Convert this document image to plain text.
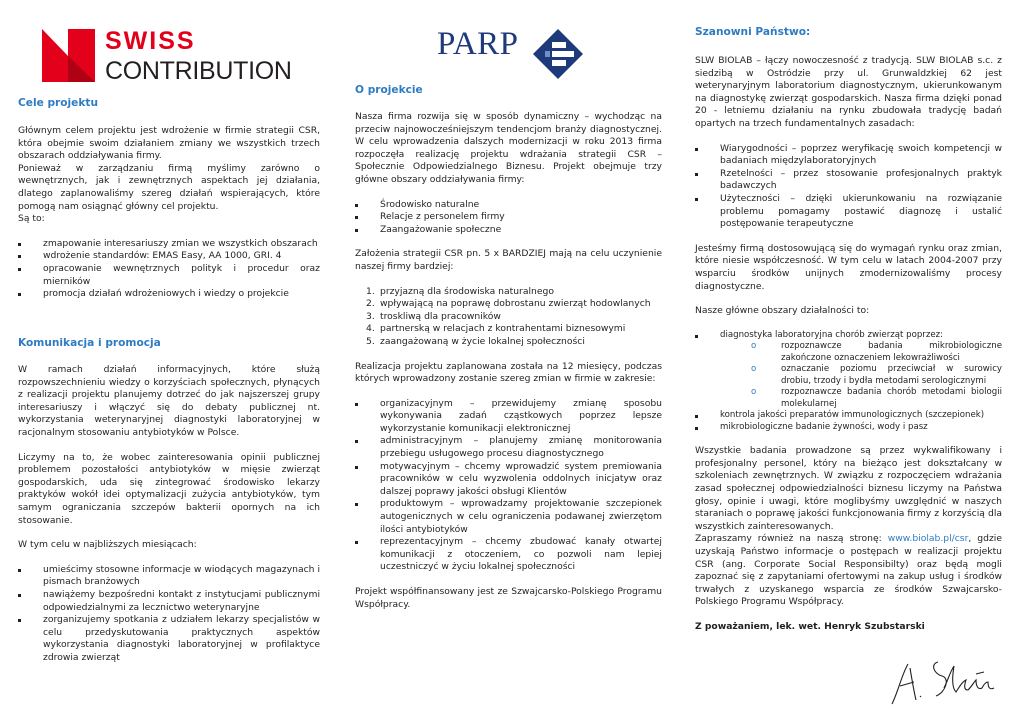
SWISS
CONTRIBUTION
PARP
Cele projektu

Głównym celem projektu jest wdrożenie w firmie strategii CSR, która obejmie swoim działaniem zmiany we wszystkich trzech obszarach oddziaływania firmy.

Ponieważ w zarządzaniu firmą myślimy zarówno o wewnętrznych, jak i zewnętrznych aspektach jej działania, dlatego zaplanowaliśmy szereg działań wspierających, które pomogą nam osiągnąć główny cel projektu.

Są to:

zmapowanie interesariuszy zmian we wszystkich obszarach
wdrożenie standardów: EMAS Easy, AA 1000, GRI. 4
opracowanie wewnętrznych polityk i procedur oraz mierników
promocja działań wdrożeniowych i wiedzy o projekcie
Komunikacja i promocja

W ramach działań informacyjnych, które służą rozpowszechnieniu wiedzy o korzyściach społecznych, płynących z realizacji projektu planujemy dotrzeć do jak najszerszej grupy interesariuszy i włączyć się do debaty publicznej nt. wykorzystania weterynaryjnej diagnostyki laboratoryjnej w racjonalnym stosowaniu antybiotyków w Polsce.

Liczymy na to, że wobec zainteresowania opinii publicznej problemem pozostałości antybiotyków w mięsie zwierząt gospodarskich, uda się zintegrować środowisko lekarzy praktyków wokół idei optymalizacji zużycia antybiotyków, tym samym ograniczania szczepów bakterii opornych na ich stosowanie.

W tym celu w najbliższych miesiącach:

umieścimy stosowne informacje w wiodących magazynach i pismach branżowych
nawiążemy bezpośredni kontakt z instytucjami publicznymi odpowiedzialnymi za lecznictwo weterynaryjne
zorganizujemy spotkania z udziałem lekarzy specjalistów w celu przedyskutowania praktycznych aspektów wykorzystania diagnostyki laboratoryjnej w profilaktyce zdrowia zwierząt
O projekcie

Nasza firma rozwija się w sposób dynamiczny – wychodząc na przeciw najnowocześniejszym tendencjom branży diagnostycznej. W celu wprowadzenia dalszych modernizacji w roku 2013 firma rozpoczęła realizację projektu wdrażania strategii CSR – Społecznie Odpowiedzialnego Biznesu. Projekt obejmuje trzy główne obszary oddziaływania firmy:

Środowisko naturalne
Relacje z personelem firmy
Zaangażowanie społeczne

Założenia strategii CSR pn. 5 x BARDZIEJ mają na celu uczynienie naszej firmy bardziej:

1. przyjazną dla środowiska naturalnego
2. wpływającą na poprawę dobrostanu zwierząt hodowlanych
3. troskliwą dla pracowników
4. partnerską w relacjach z kontrahentami biznesowymi
5. zaangażowaną w życie lokalnej społeczności

Realizacja projektu zaplanowana została na 12 miesięcy, podczas których wprowadzony zostanie szereg zmian w firmie w zakresie:

organizacyjnym – przewidujemy zmianę sposobu wykonywania zadań cząstkowych poprzez lepsze wykorzystanie komunikacji elektronicznej
administracyjnym – planujemy zmianę monitorowania przebiegu usługowego procesu diagnostycznego
motywacyjnym – chcemy wprowadzić system premiowania pracowników w celu wyzwolenia oddolnych inicjatyw oraz dalszej poprawy jakości obsługi Klientów
produktowym – wprowadzamy projektowanie szczepionek autogenicznych w celu ograniczenia podawanej zwierzętom ilości antybiotyków
reprezentacyjnym – chcemy zbudować kanały otwartej komunikacji z otoczeniem, co pozwoli nam lepiej uczestniczyć w życiu lokalnej społeczności

Projekt współfinansowany jest ze Szwajcarsko-Polskiego Programu Współpracy.

Szanowni Państwo:

SLW BIOLAB – łączy nowoczesność z tradycją. SLW BIOLAB s.c. z siedzibą w Ostródzie przy ul. Grunwaldzkiej 62 jest weterynaryjnym laboratorium diagnostycznym, ukierunkowanym na diagnostykę zwierząt gospodarskich. Nasza firma dzięki ponad 20 - letniemu działaniu na rynku zbudowała tradycję badań opartych na trzech fundamentalnych zasadach:

Wiarygodności – poprzez weryfikację swoich kompetencji w badaniach międzylaboratoryjnych
Rzetelności – przez stosowanie profesjonalnych praktyk badawczych
Użyteczności – dzięki ukierunkowaniu na rozwiązanie problemu pomagamy postawić diagnozę i ustalić postępowanie terapeutyczne

Jesteśmy firmą dostosowującą się do wymagań rynku oraz zmian, które niesie współczesność. W tym celu w latach 2004-2007 przy wsparciu środków unijnych zmodernizowaliśmy procesy diagnostyczne.

Nasze główne obszary działalności to:

diagnostyka laboratoryjna chorób zwierząt poprzez:
o	rozpoznawcze badania mikrobiologiczne zakończone oznaczeniem lekowrażliwości
o	oznaczanie poziomu przeciwciał w surowicy drobiu, trzody i bydła metodami serologicznymi
o	rozpoznawcze badania chorób metodami biologii molekularnej
kontrola jakości preparatów immunologicznych (szczepionek)
mikrobiologiczne badanie żywności, wody i pasz

Wszystkie badania prowadzone są przez wykwalifikowany i profesjonalny personel, który na bieżąco jest dokształcany w szkoleniach zewnętrznych. W związku z rozpoczęciem wdrażania zasad społecznej odpowiedzialności biznesu liczymy na Państwa głosy, opinie i uwagi, które moglibyśmy uwzględnić w naszych staraniach o poprawę jakości funkcjonowania firmy z korzyścią dla wszystkich zainteresowanych.

Zapraszamy również na naszą stronę: www.biolab.pl/csr, gdzie uzyskają Państwo informacje o postępach w realizacji projektu CSR (ang. Corporate Social Responsibilty) oraz będą mogli zapoznać się z zapytaniami ofertowymi na zakup usług i środków trwałych z uzyskanego wsparcia ze środków Szwajcarsko-Polskiego Programu Współpracy.

Z poważaniem, lek. wet. Henryk Szubstarski
